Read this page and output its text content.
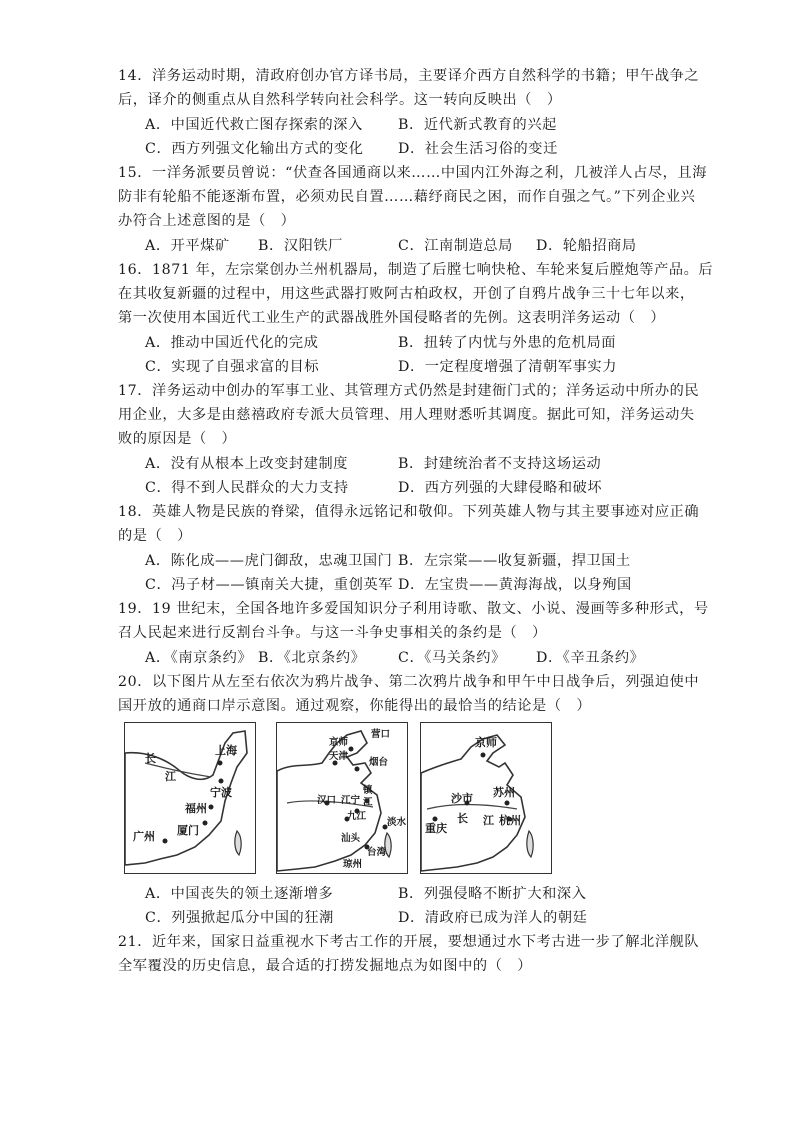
14．洋务运动时期，清政府创办官方译书局，主要译介西方自然科学的书籍；甲午战争之
后，译介的侧重点从自然科学转向社会科学。这一转向反映出（　）
A．中国近代救亡图存探索的深入 B．近代新式教育的兴起
C．西方列强文化输出方式的变化 D．社会生活习俗的变迁
15．一洋务派要员曾说：“伏查各国通商以来……中国内江外海之利，几被洋人占尽，且海
防非有轮船不能逐渐布置，必须劝民自置……藉纾商民之困，而作自强之气。”下列企业兴
办符合上述意图的是（　）
A．开平煤矿 B．汉阳铁厂	C．江南制造总局 D．轮船招商局
16．1871 年，左宗棠创办兰州机器局，制造了后膛七响快枪、车轮来复后膛炮等产品。后
在其收复新疆的过程中，用这些武器打败阿古柏政权，开创了自鸦片战争三十七年以来，
第一次使用本国近代工业生产的武器战胜外国侵略者的先例。这表明洋务运动（　）
A．推动中国近代化的完成	B．扭转了内忧与外患的危机局面
C．实现了自强求富的目标	D．一定程度增强了清朝军事实力
17．洋务运动中创办的军事工业、其管理方式仍然是封建衙门式的；洋务运动中所办的民
用企业，大多是由慈禧政府专派大员管理、用人理财悉听其调度。据此可知，洋务运动失
败的原因是（　）
A．没有从根本上改变封建制度	B．封建统治者不支持这场运动
C．得不到人民群众的大力支持	D．西方列强的大肆侵略和破坏
18．英雄人物是民族的脊梁，值得永远铭记和敬仰。下列英雄人物与其主要事迹对应正确
的是（　）
A．陈化成——虎门御敌，忠魂卫国门 B．左宗棠——收复新疆，捍卫国土
C．冯子材——镇南关大捷，重创英军 D．左宝贵——黄海海战，以身殉国
19．19 世纪末，全国各地许多爱国知识分子利用诗歌、散文、小说、漫画等多种形式，号
召人民起来进行反割台斗争。与这一斗争史事相关的条约是（　）
A．《南京条约》 B．《北京条约》 C．《马关条约》 D．《辛丑条约》
20．以下图片从左至右依次为鸦片战争、第二次鸦片战争和甲午中日战争后，列强迫使中
国开放的通商口岸示意图。通过观察，你能得出的最恰当的结论是（　）
长
江
上海
宁波
福州
厦门
广州
营口
京师
天津
烟台
镇
江
汉口 江宁
九江
淡水
汕头
台湾
琼州
京师
沙市 苏州
重庆
长 江 杭州
A．中国丧失的领土逐渐增多	B．列强侵略不断扩大和深入
C．列强掀起瓜分中国的狂潮	D．清政府已成为洋人的朝廷
21．近年来，国家日益重视水下考古工作的开展，要想通过水下考古进一步了解北洋舰队
全军覆没的历史信息，最合适的打捞发掘地点为如图中的（　）
